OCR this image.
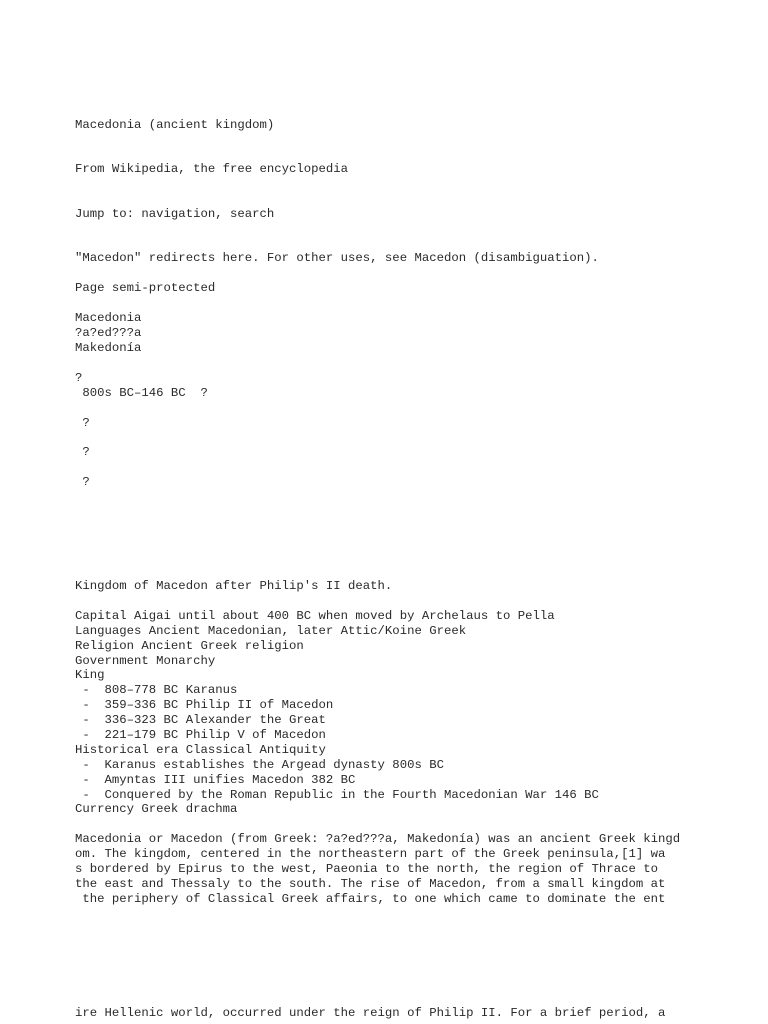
Macedonia (ancient kingdom)

From Wikipedia, the free encyclopedia

Jump to: navigation, search

"Macedon" redirects here. For other uses, see Macedon (disambiguation).

Page semi-protected

Macedonia

?a?ed???a

Makedonía

?

800s BC–146 BC  ?

?

?

?

Kingdom of Macedon after Philip's II death.

Capital Aigai until about 400 BC when moved by Archelaus to Pella

Languages Ancient Macedonian, later Attic/Koine Greek

Religion Ancient Greek religion

Government Monarchy

King

-  808–778 BC Karanus

-  359–336 BC Philip II of Macedon

-  336–323 BC Alexander the Great

-  221–179 BC Philip V of Macedon

Historical era Classical Antiquity

-  Karanus establishes the Argead dynasty 800s BC

-  Amyntas III unifies Macedon 382 BC

-  Conquered by the Roman Republic in the Fourth Macedonian War 146 BC

Currency Greek drachma

Macedonia or Macedon (from Greek: ?a?ed???a, Makedonía) was an ancient Greek kingd

om. The kingdom, centered in the northeastern part of the Greek peninsula,[1] wa

s bordered by Epirus to the west, Paeonia to the north, the region of Thrace to

the east and Thessaly to the south. The rise of Macedon, from a small kingdom at

the periphery of Classical Greek affairs, to one which came to dominate the ent

ire Hellenic world, occurred under the reign of Philip II. For a brief period, a
